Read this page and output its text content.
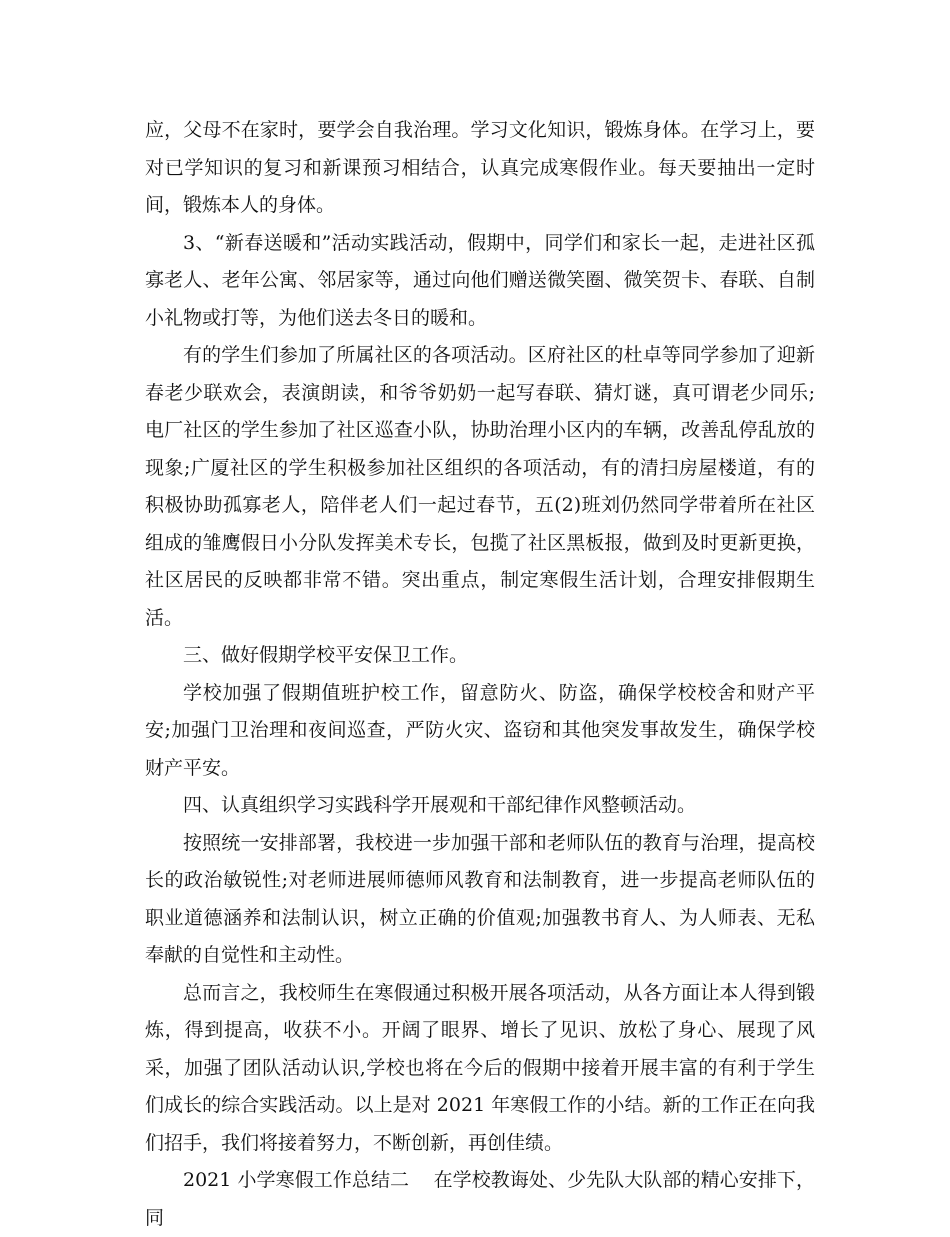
应，父母不在家时，要学会自我治理。学习文化知识，锻炼身体。在学习上，要对已学知识的复习和新课预习相结合，认真完成寒假作业。每天要抽出一定时间，锻炼本人的身体。

3、“新春送暖和”活动实践活动，假期中，同学们和家长一起，走进社区孤寡老人、老年公寓、邻居家等，通过向他们赠送微笑圈、微笑贺卡、春联、自制小礼物或打等，为他们送去冬日的暖和。

有的学生们参加了所属社区的各项活动。区府社区的杜卓等同学参加了迎新春老少联欢会，表演朗读，和爷爷奶奶一起写春联、猜灯谜，真可谓老少同乐;电厂社区的学生参加了社区巡查小队，协助治理小区内的车辆，改善乱停乱放的现象;广厦社区的学生积极参加社区组织的各项活动，有的清扫房屋楼道，有的积极协助孤寡老人，陪伴老人们一起过春节，五(2)班刘仍然同学带着所在社区组成的雏鹰假日小分队发挥美术专长，包揽了社区黑板报，做到及时更新更换，社区居民的反映都非常不错。突出重点，制定寒假生活计划，合理安排假期生活。

三、做好假期学校平安保卫工作。

学校加强了假期值班护校工作，留意防火、防盗，确保学校校舍和财产平安;加强门卫治理和夜间巡查，严防火灾、盗窃和其他突发事故发生，确保学校财产平安。

四、认真组织学习实践科学开展观和干部纪律作风整顿活动。

按照统一安排部署，我校进一步加强干部和老师队伍的教育与治理，提高校长的政治敏锐性;对老师进展师德师风教育和法制教育，进一步提高老师队伍的职业道德涵养和法制认识，树立正确的价值观;加强教书育人、为人师表、无私奉献的自觉性和主动性。

总而言之，我校师生在寒假通过积极开展各项活动，从各方面让本人得到锻炼，得到提高，收获不小。开阔了眼界、增长了见识、放松了身心、展现了风采，加强了团队活动认识,学校也将在今后的假期中接着开展丰富的有利于学生们成长的综合实践活动。以上是对 2021 年寒假工作的小结。新的工作正在向我们招手，我们将接着努力，不断创新，再创佳绩。

2021 小学寒假工作总结二    在学校教诲处、少先队大队部的精心安排下，同
